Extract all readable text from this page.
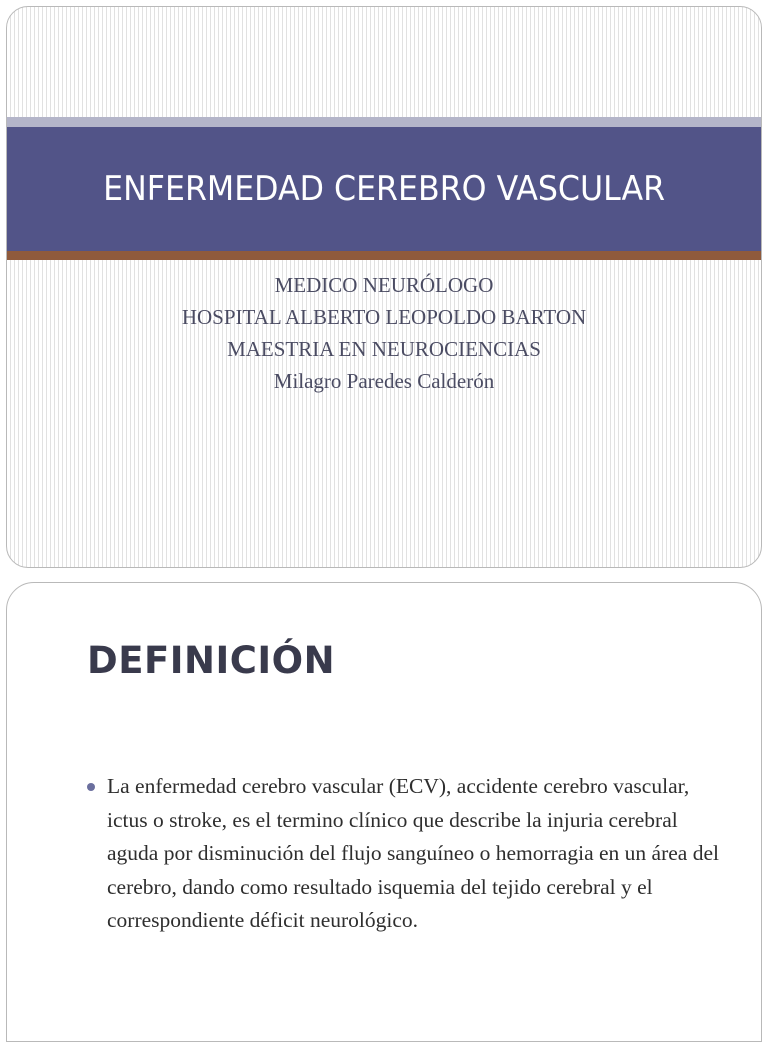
ENFERMEDAD CEREBRO VASCULAR
MEDICO NEURÓLOGO
HOSPITAL ALBERTO LEOPOLDO BARTON
MAESTRIA EN NEUROCIENCIAS
Milagro Paredes Calderón
DEFINICIÓN
La enfermedad cerebro vascular (ECV), accidente cerebro vascular, ictus o stroke, es el termino clínico que describe la injuria cerebral aguda por disminución del flujo sanguíneo o hemorragia en un área del cerebro, dando como resultado isquemia del tejido cerebral y el correspondiente déficit neurológico.
